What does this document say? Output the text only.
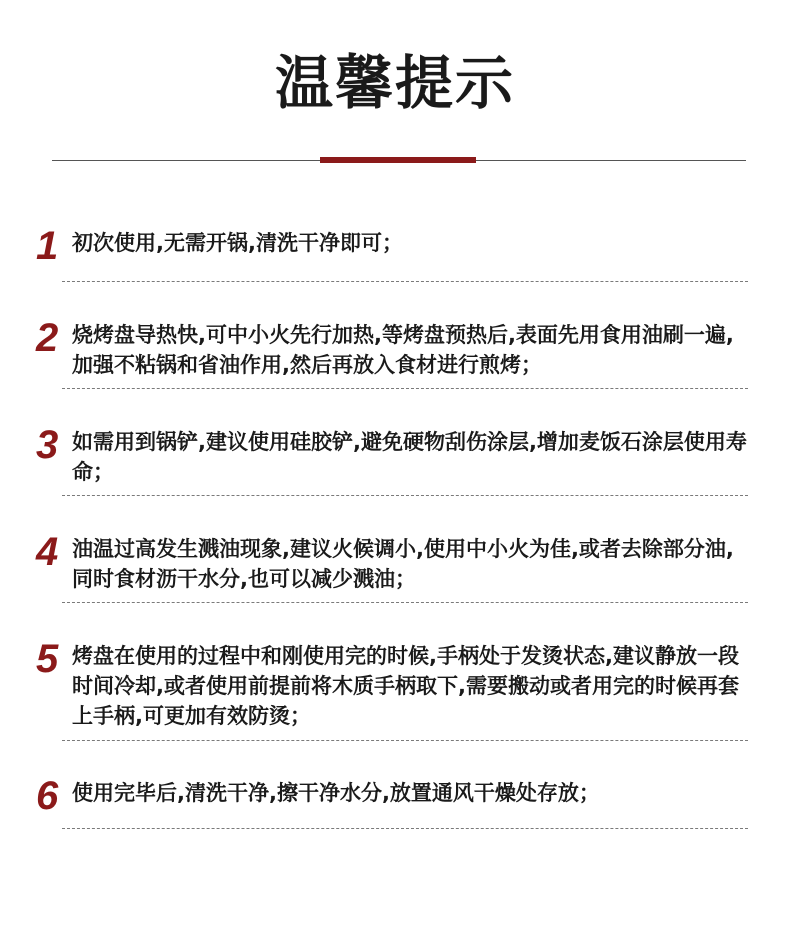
温馨提示
1 初次使用,无需开锅,清洗干净即可；
2 烧烤盘导热快,可中小火先行加热,等烤盘预热后,表面先用食用油刷一遍,加强不粘锅和省油作用,然后再放入食材进行煎烤；
3 如需用到锅铲,建议使用硅胶铲,避免硬物刮伤涂层,增加麦饭石涂层使用寿命；
4 油温过高发生溅油现象,建议火候调小,使用中小火为佳,或者去除部分油,同时食材沥干水分,也可以减少溅油；
5 烤盘在使用的过程中和刚使用完的时候,手柄处于发烫状态,建议静放一段时间冷却,或者使用前提前将木质手柄取下,需要搬动或者用完的时候再套上手柄,可更加有效防烫；
6 使用完毕后,清洗干净,擦干净水分,放置通风干燥处存放；
